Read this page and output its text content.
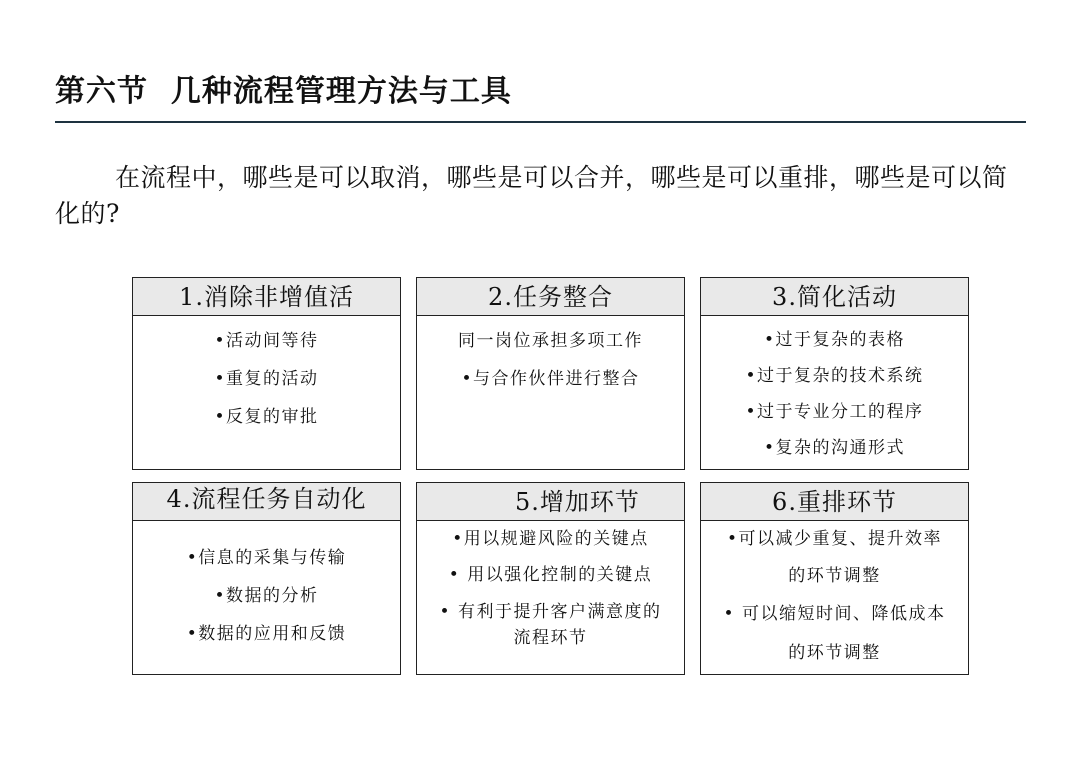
第六节  几种流程管理方法与工具

在流程中，哪些是可以取消，哪些是可以合并，哪些是可以重排，哪些是可以简化的?

1.消除非增值活
•活动间等待
•重复的活动
•反复的审批
2.任务整合
同一岗位承担多项工作
•与合作伙伴进行整合
3.简化活动
•过于复杂的表格
•过于复杂的技术系统
•过于专业分工的程序
•复杂的沟通形式
4.流程任务自动化
•信息的采集与传输
•数据的分析
•数据的应用和反馈
5.增加环节
•用以规避风险的关键点
• 用以强化控制的关键点
• 有利于提升客户满意度的流程环节
6.重排环节
•可以减少重复、提升效率的环节调整
• 可以缩短时间、降低成本的环节调整
